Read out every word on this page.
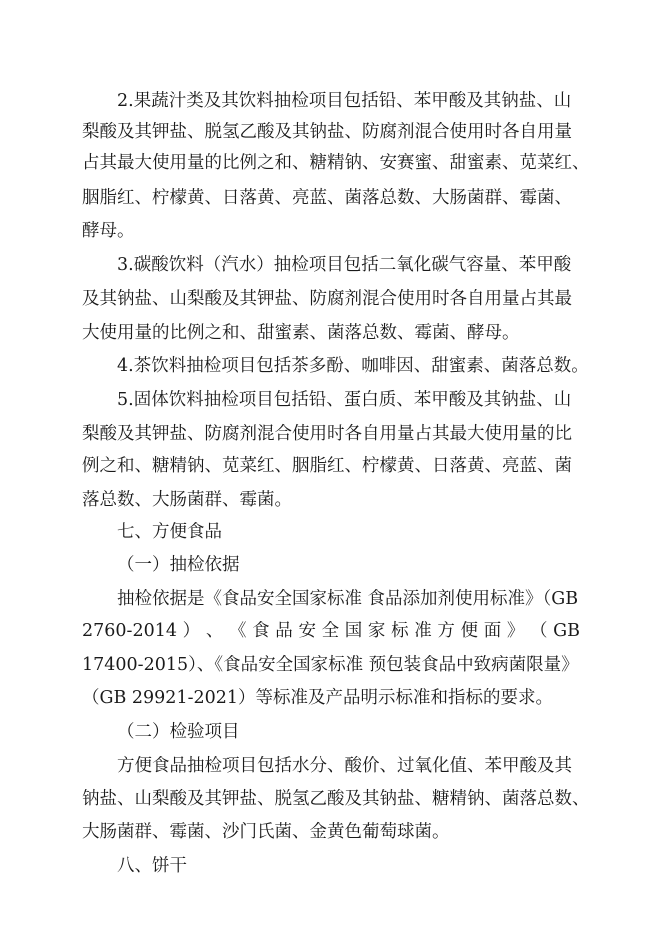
2.果蔬汁类及其饮料抽检项目包括铅、苯甲酸及其钠盐、山
梨酸及其钾盐、脱氢乙酸及其钠盐、防腐剂混合使用时各自用量
占其最大使用量的比例之和、糖精钠、安赛蜜、甜蜜素、苋菜红、
胭脂红、柠檬黄、日落黄、亮蓝、菌落总数、大肠菌群、霉菌、
酵母。
3.碳酸饮料（汽水）抽检项目包括二氧化碳气容量、苯甲酸
及其钠盐、山梨酸及其钾盐、防腐剂混合使用时各自用量占其最
大使用量的比例之和、甜蜜素、菌落总数、霉菌、酵母。
4.茶饮料抽检项目包括茶多酚、咖啡因、甜蜜素、菌落总数。
5.固体饮料抽检项目包括铅、蛋白质、苯甲酸及其钠盐、山
梨酸及其钾盐、防腐剂混合使用时各自用量占其最大使用量的比
例之和、糖精钠、苋菜红、胭脂红、柠檬黄、日落黄、亮蓝、菌
落总数、大肠菌群、霉菌。
七、方便食品
（一）抽检依据
抽检依据是《食品安全国家标准 食品添加剂使用标准》（GB
2760-2014 ） 、 《 食 品 安 全 国 家 标 准 方 便 面 》 （ GB
17400-2015）、《食品安全国家标准 预包装食品中致病菌限量》
（GB 29921-2021）等标准及产品明示标准和指标的要求。
（二）检验项目
方便食品抽检项目包括水分、酸价、过氧化值、苯甲酸及其
钠盐、山梨酸及其钾盐、脱氢乙酸及其钠盐、糖精钠、菌落总数、
大肠菌群、霉菌、沙门氏菌、金黄色葡萄球菌。
八、饼干
